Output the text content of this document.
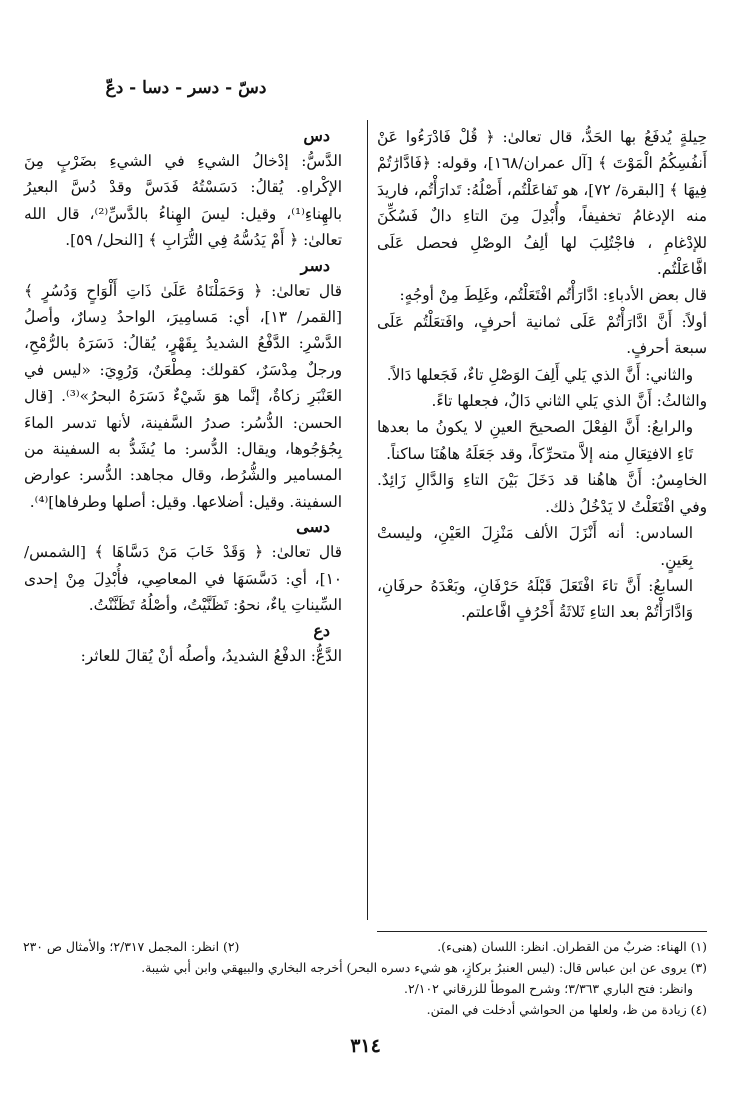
دسّ - دسر - دسا - دعّ

حِيلةٍ يُدفَعُ بها الحَدُّ، قال تعالىٰ: ﴿ قُلْ فَادْرَءُوا عَنْ أَنفُسِكُمُ الْمَوْتَ ﴾ [آل عمران/١٦٨]، وقوله: ﴿فَادَّارَٰتُمْ فِيهَا ﴾ [البقرة/ ٧٢]، هو تَفاعَلْتُم، أَصْلُهُ: تَدارَأْتُم، فاريدَ منه الإدغامُ تخفيفاً، وأُبْدِلَ مِنَ التاءِ دالٌ فَسُكِّنَ للإدْغامِ ، فاجْتُلِبَ لها ألِفُ الوصْلِ فحصل عَلَى افَّاعَلْتُم.

قال بعض الأدباءِ: ادَّارَأْتُم افْتَعَلْتُم، وغَلِطَ مِنْ أوجُهٍ:

أولاً: أَنَّ ادَّارَأْتُمْ عَلَى ثمانية أحرفٍ، وافَتعَلْتُم عَلَى سبعة أحرفٍ.

والثاني: أَنَّ الذي يَلي أَلِفَ الوَصْلِ تاءٌ، فَجَعلها دَالاً.

والثالثُ: أَنَّ الذي يَلي الثاني دَالٌ، فجعلها تاءً.

والرابعُ: أَنَّ الفِعْلَ الصحيحَ العينِ لا يكونُ ما بعدها تَاءِ الافتِعَالِ منه إلاَّ متحرِّكاً، وقد جَعَلَهُ هاهُنَا ساكناً.

الخامِسُ: أَنَّ هاهُنا قد دَخَلَ بَيْنَ التاءِ وَالدَّالِ زَائِدٌ. وفي افْتَعَلْتُ لا يَدْخُلُ ذلك.

السادس: أنه أَنْزَلَ الألف مَنْزِلَ العَيْنِ، وليستْ بِعَينٍ.

السابعُ: أَنَّ تاءَ افْتَعَلَ قَبْلَهُ حَرْفَانِ، وبَعْدَهُ حرفَانِ، وَادَّارَأْتُمْ بعد التاءِ ثَلاثَةُ أَحْرُفٍ افَّاعلتم.

دس

الدَّسُّ: إدْخالُ الشيءِ في الشيءِ بضَرْبٍ مِنَ الإكْراهِ. يُقالُ: دَسَسْتُهُ فَدَسَّ وقدْ دُسَّ البعيرُ بالهِناءِ⁽¹⁾، وقيل: ليسَ الهِناءُ بالدَّسِّ⁽²⁾، قال الله تعالىٰ: ﴿ أَمْ يَدُسُّهُ فِي التُّرَابِ ﴾ [النحل/ ٥٩].

دسر

قال تعالىٰ: ﴿ وَحَمَلْنَاهُ عَلَىٰ ذَاتِ أَلْوَاحٍ وَدُسُرٍ ﴾ [القمر/ ١٣]، أي: مَسامِيرَ، الواحدُ دِسارٌ، وأصلُ الدَّسْرِ: الدَّفْعُ الشديدُ بِقَهْرٍ، يُقالُ: دَسَرَهُ بالرُّمْحِ، ورجلٌ مِدْسَرٌ، كقولك: مِطْعَنٌ، وَرُوِيَ: «ليس في العَنْبَرِ زكاةٌ، إنَّما هوَ شَيْءٌ دَسَرَهُ البحرُ»⁽³⁾. [قال الحسن: الدُّسُر: صدرُ السَّفينة، لأنها تدسر الماءَ بِجُؤجُوها، ويقال: الدُّسر: ما يُشَدُّ به السفينة من المسامير والشُّرُط، وقال مجاهد: الدُّسر: عوارض السفينة. وقيل: أضلاعها. وقيل: أصلها وطرفاها]⁽⁴⁾.

دسى

قال تعالىٰ: ﴿ وَقَدْ خَابَ مَنْ دَسَّاهَا ﴾ [الشمس/ ١٠]، أي: دَسَّسَهَا في المعاصِي، فأُبْدِلَ مِنْ إحدى السِّيناتِ ياءٌ، نحوُ: تَظَنَّيْتُ، وأصْلُهُ تَظَنَّنْتُ.

دع

الدَّعُّ: الدفْعُ الشديدُ، وأصلُه أنْ يُقالَ للعاثر:

(١) الهناء: ضربٌ من القطران. انظر: اللسان (هنىء).
(٢) انظر: المجمل ٢/٣١٧؛ والأمثال ص ٢٣٠
(٣) يروى عن ابن عباس قال: (ليس العنبرُ بركازٍ، هو شيء دسره البحر) أخرجه البخاري والبيهقي وابن أبي شيبة.
وانظر: فتح الباري ٣/٣٦٣؛ وشرح الموطأ للزرقاني ٢/١٠٢.
(٤) زيادة من ظ، ولعلها من الحواشي أدخلت في المتن.
٣١٤
